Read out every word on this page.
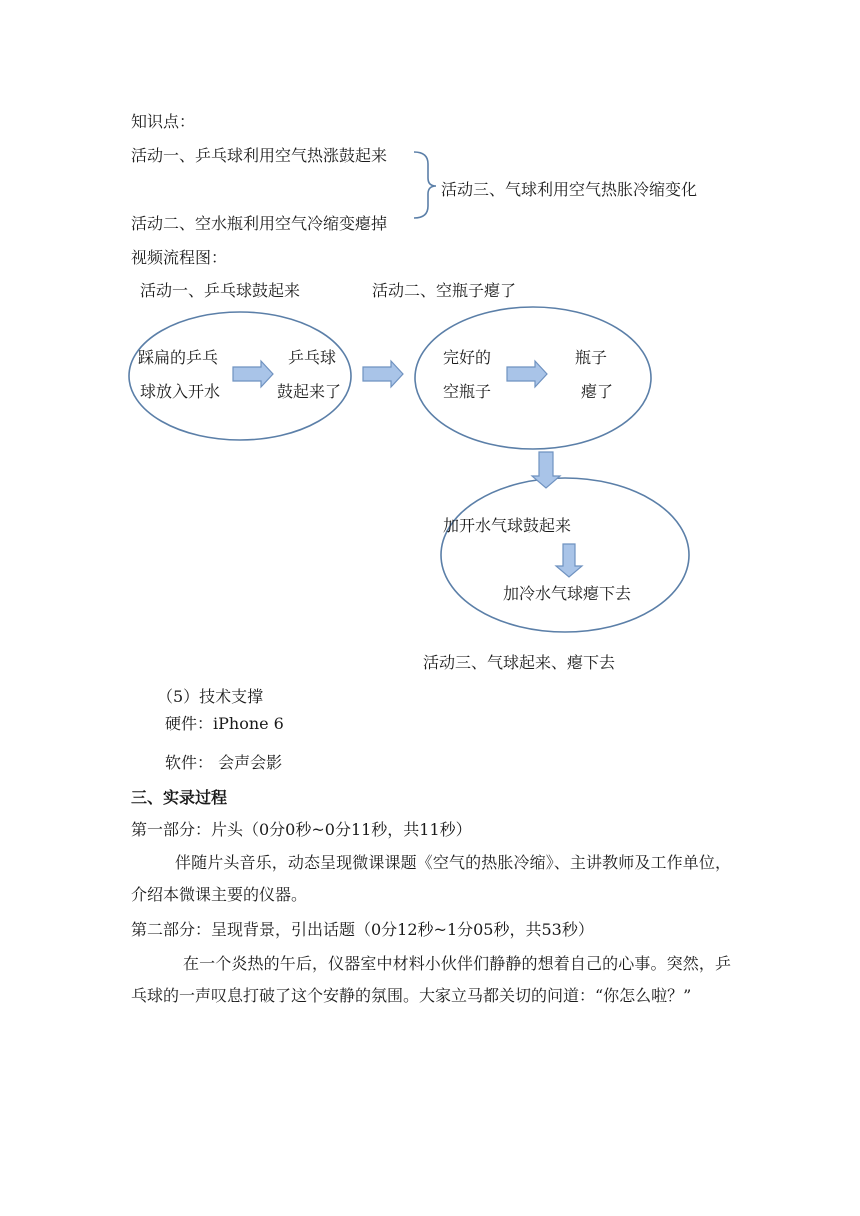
知识点：
活动一、乒乓球利用空气热涨鼓起来
活动二、空水瓶利用空气冷缩变瘪掉
活动三、气球利用空气热胀冷缩变化
视频流程图：
活动一、乒乓球鼓起来	活动二、空瓶子瘪了
踩扁的乒乓
球放入开水
乒乓球
鼓起来了
完好的
空瓶子
瓶子
瘪了
加开水气球鼓起来
加冷水气球瘪下去
活动三、气球起来、瘪下去
（5）技术支撑
硬件：iPhone 6
软件： 会声会影
三、实录过程
第一部分：片头（0分0秒~0分11秒，共11秒）
伴随片头音乐，动态呈现微课课题《空气的热胀冷缩》、主讲教师及工作单位，介绍本微课主要的仪器。
第二部分：呈现背景，引出话题（0分12秒~1分05秒，共53秒）
在一个炎热的午后，仪器室中材料小伙伴们静静的想着自己的心事。突然，乒乓球的一声叹息打破了这个安静的氛围。大家立马都关切的问道：“你怎么啦？”
